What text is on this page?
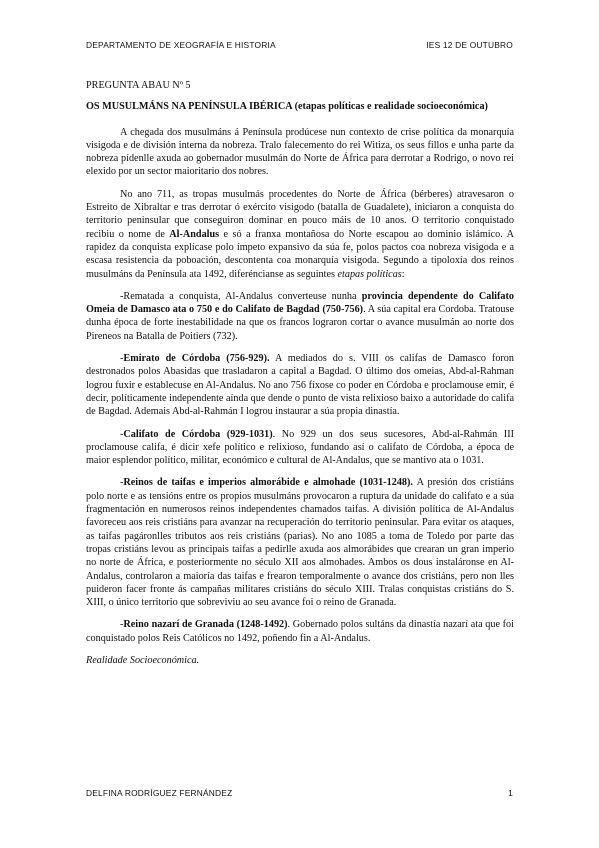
DEPARTAMENTO DE XEOGRAFÍA E HISTORIA	IES 12 DE OUTUBRO

PREGUNTA ABAU Nº 5

OS MUSULMÁNS NA PENÍNSULA IBÉRICA (etapas políticas e realidade socioeconómica)

A chegada dos musulmáns á Península prodúcese nun contexto de crise política da monarquía visigoda e de división interna da nobreza. Tralo falecemento do rei Witiza, os seus fillos e unha parte da nobreza pídenlle axuda ao gobernador musulmán do Norte de África para derrotar a Rodrigo, o novo rei elexido por un sector maioritario dos nobres.

No ano 711, as tropas musulmás procedentes do Norte de África (bérberes) atravesaron o Estreito de Xibraltar e tras derrotar ó exército visigodo (batalla de Guadalete), iniciaron a conquista do territorio peninsular que conseguiron dominar en pouco máis de 10 anos. O territorio conquistado recibiu o nome de Al-Andalus e só a franxa montañosa do Norte escapou ao dominio islámico. A rapidez da conquista explícase polo ímpeto expansivo da súa fe, polos pactos coa nobreza visigoda e a escasa resistencia da poboación, descontenta coa monarquía visigoda. Segundo a tipoloxía dos reinos musulmáns da Península ata 1492, diferéncianse as seguintes etapas políticas:

-Rematada a conquista, Al-Andalus converteuse nunha provincia dependente do Califato Omeia de Damasco ata o 750 e do Califato de Bagdad (750-756). A súa capital era Cordoba. Tratouse dunha época de forte inestabilidade na que os francos lograron cortar o avance musulmán ao norte dos Pireneos na Batalla de Poitiers (732).

-Emirato de Córdoba (756-929). A mediados do s. VIII os califas de Damasco foron destronados polos Abasidas que trasladaron a capital a Bagdad. O último dos omeias, Abd-al-Rahman logrou fuxir e establecuse en Al-Andalus. No ano 756 fíxose co poder en Córdoba e proclamouse emir, é decir, políticamente independente aínda que dende o punto de vista relixioso baixo a autoridade do califa de Bagdad. Ademais Abd-al-Rahmán I logrou instaurar a súa propia dinastía.

-Califato de Córdoba (929-1031). No 929 un dos seus sucesores, Abd-al-Rahmán III proclamouse califa, é dicir xefe político e relixioso, fundando así o califato de Córdoba, a época de maior esplendor político, militar, económico e cultural de Al-Andalus, que se mantivo ata o 1031.

-Reinos de taifas e imperios almorábide e almohade (1031-1248). A presión dos cristiáns polo norte e as tensións entre os propios musulmáns provocaron a ruptura da unidade do califato e a súa fragmentación en numerosos reinos independentes chamados taifas. A división política de Al-Andalus favoreceu aos reis cristiáns para avanzar na recuperación do territorio peninsular. Para evitar os ataques, as taifas pagáronlles tributos aos reis cristiáns (parias). No ano 1085 a toma de Toledo por parte das tropas cristiáns levou as principais taifas a pedirlle axuda aos almorábides que crearan un gran imperio no norte de África, e posteriormente no século XII aos almohades. Ambos os dous instaláronse en Al-Andalus, controlaron a maioría das taifas e frearon temporalmente o avance dos cristiáns, pero non lles puideron facer fronte ás campañas militares cristiáns do século XIII. Tralas conquistas cristiáns do S. XIII, o único territorio que sobreviviu ao seu avance foi o reino de Granada.

-Reino nazarí de Granada (1248-1492). Gobernado polos sultáns da dinastía nazarí ata que foi conquistado polos Reis Católicos no 1492, poñendo fin a Al-Andalus.

Realidade Socioeconómica.

DELFINA RODRÍGUEZ FERNÁNDEZ	1
